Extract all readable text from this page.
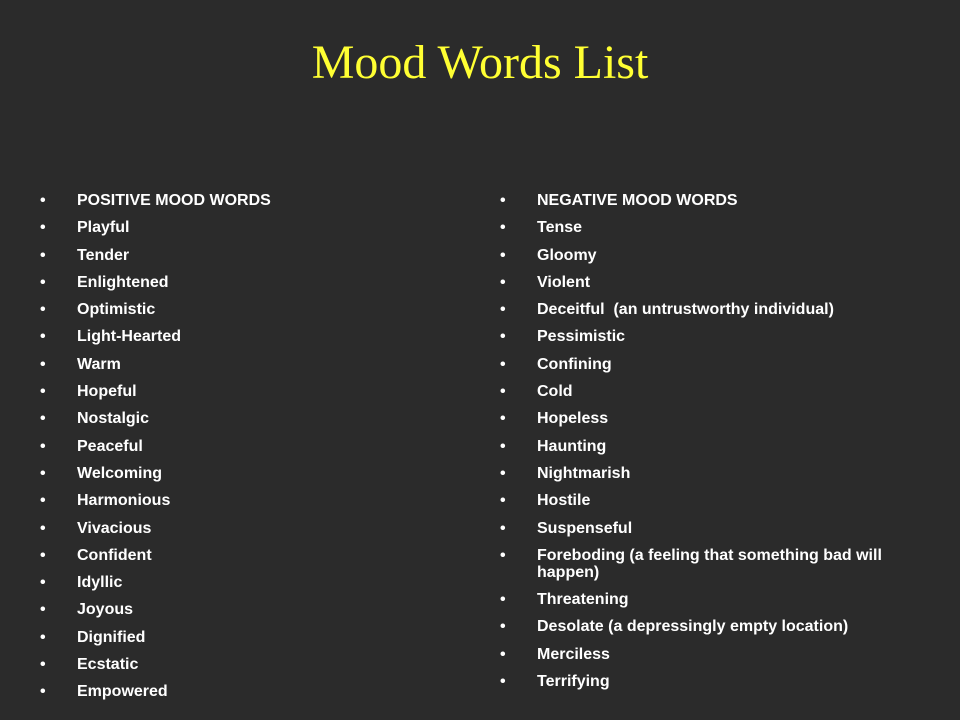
Mood Words List
•	POSITIVE MOOD WORDS
•	Playful
•	Tender
•	Enlightened
•	Optimistic
•	Light-Hearted
•	Warm
•	Hopeful
•	Nostalgic
•	Peaceful
•	Welcoming
•	Harmonious
•	Vivacious
•	Confident
•	Idyllic
•	Joyous
•	Dignified
•	Ecstatic
•	Empowered
•	NEGATIVE MOOD WORDS
•	Tense
•	Gloomy
•	Violent
•	Deceitful  (an untrustworthy individual)
•	Pessimistic
•	Confining
•	Cold
•	Hopeless
•	Haunting
•	Nightmarish
•	Hostile
•	Suspenseful
•	Foreboding (a feeling that something bad will happen)
•	Threatening
•	Desolate (a depressingly empty location)
•	Merciless
•	Terrifying
